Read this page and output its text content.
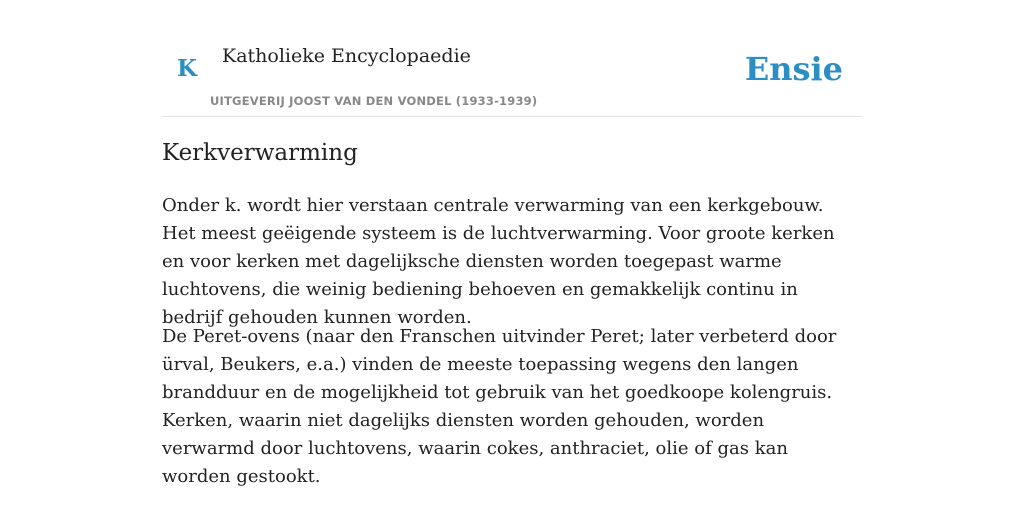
K Katholieke Encyclopaedie
UITGEVERIJ JOOST VAN DEN VONDEL (1933-1939)
Ensie
Kerkverwarming

Onder k. wordt hier verstaan centrale verwarming van een kerkgebouw. Het meest geëigende systeem is de luchtverwarming. Voor groote kerken en voor kerken met dagelijksche diensten worden toegepast warme luchtovens, die weinig bediening behoeven en gemakkelijk continu in bedrijf gehouden kunnen worden.

De Peret-ovens (naar den Franschen uitvinder Peret; later verbeterd door ürval, Beukers, e.a.) vinden de meeste toepassing wegens den langen brandduur en de mogelijkheid tot gebruik van het goedkoope kolengruis. Kerken, waarin niet dagelijks diensten worden gehouden, worden verwarmd door luchtovens, waarin cokes, anthraciet, olie of gas kan worden gestookt.
